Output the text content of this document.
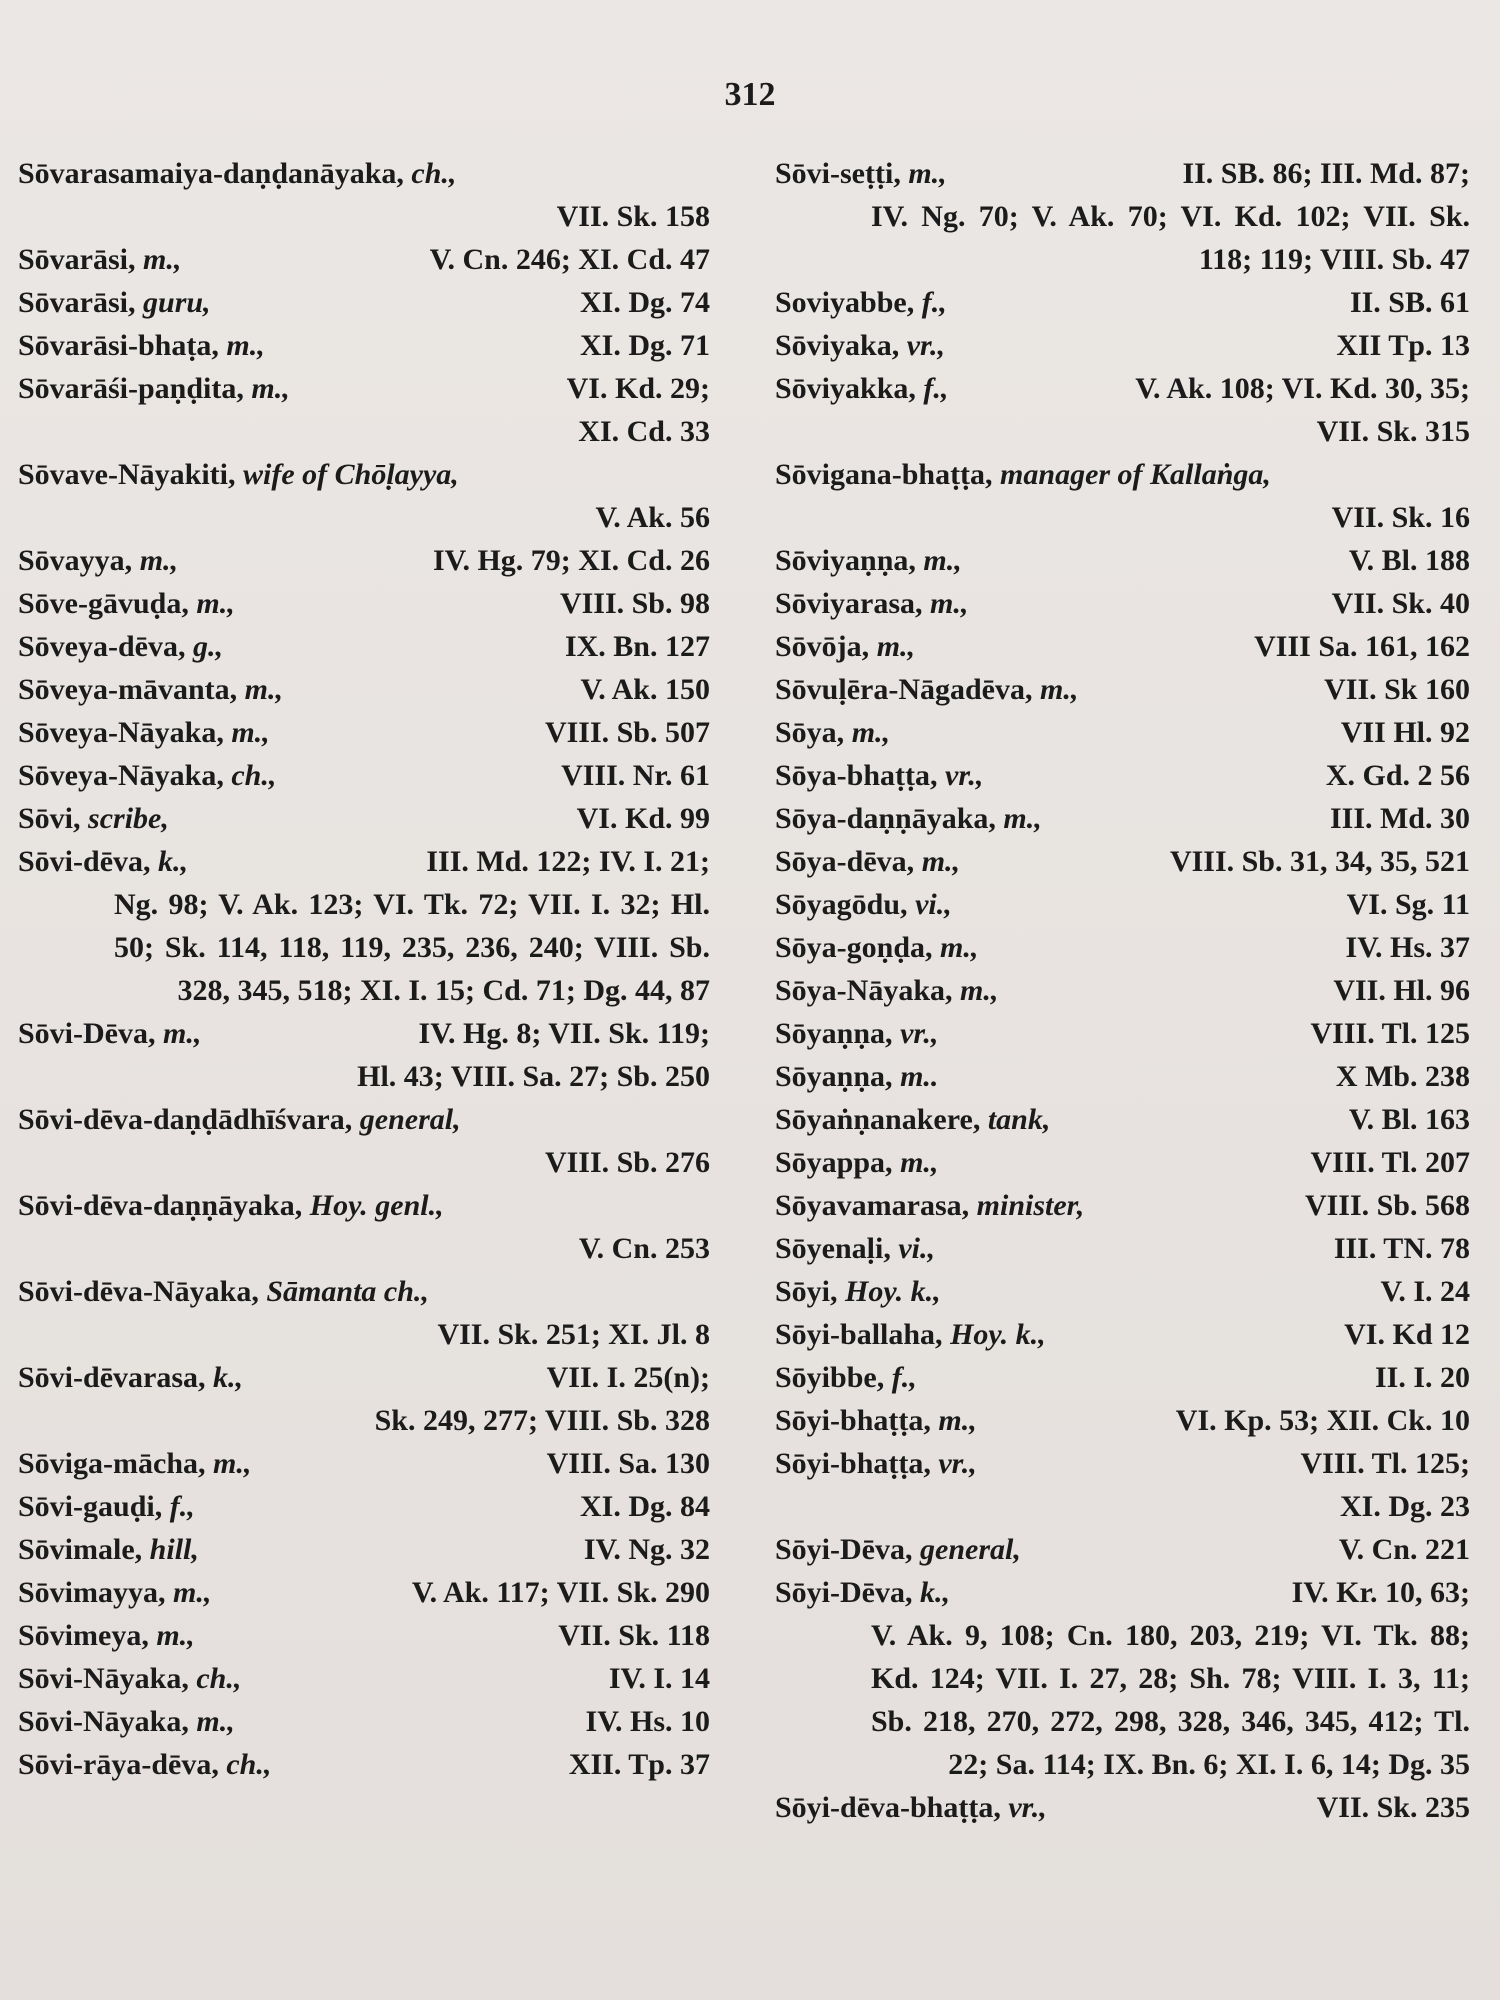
312
Sōvarasamaiya-daṇḍanāyaka, ch.,
VII. Sk. 158
Sōvarāsi, m.,	V. Cn. 246; XI. Cd. 47
Sōvarāsi, guru,	XI. Dg. 74
Sōvarāsi-bhaṭa, m.,	XI. Dg. 71
Sōvarāśi-paṇḍita, m.,	VI. Kd. 29;
XI. Cd. 33
Sōvave-Nāyakiti, wife of Chōḷayya,
V. Ak. 56
Sōvayya, m.,	IV. Hg. 79; XI. Cd. 26
Sōve-gāvuḍa, m.,	VIII. Sb. 98
Sōveya-dēva, g.,	IX. Bn. 127
Sōveya-māvanta, m.,	V. Ak. 150
Sōveya-Nāyaka, m.,	VIII. Sb. 507
Sōveya-Nāyaka, ch.,	VIII. Nr. 61
Sōvi, scribe,	VI. Kd. 99
Sōvi-dēva, k.,	III. Md. 122; IV. I. 21;
Ng. 98; V. Ak. 123; VI. Tk. 72; VII. I. 32; Hl. 50; Sk. 114, 118, 119, 235, 236, 240; VIII. Sb. 328, 345, 518; XI. I. 15; Cd. 71; Dg. 44, 87
Sōvi-Dēva, m.,	IV. Hg. 8; VII. Sk. 119;
Hl. 43; VIII. Sa. 27; Sb. 250
Sōvi-dēva-daṇḍādhīśvara, general,
VIII. Sb. 276
Sōvi-dēva-daṇṇāyaka, Hoy. genl.,
V. Cn. 253
Sōvi-dēva-Nāyaka, Sāmanta ch.,
VII. Sk. 251; XI. Jl. 8
Sōvi-dēvarasa, k.,	VII. I. 25(n);
Sk. 249, 277; VIII. Sb. 328
Sōviga-māchа, m.,	VIII. Sa. 130
Sōvi-gauḍi, f.,	XI. Dg. 84
Sōvimale, hill,	IV. Ng. 32
Sōvimayya, m.,	V. Ak. 117; VII. Sk. 290
Sōvimeya, m.,	VII. Sk. 118
Sōvi-Nāyaka, ch.,	IV. I. 14
Sōvi-Nāyaka, m.,	IV. Hs. 10
Sōvi-rāya-dēva, ch.,	XII. Tp. 37
Sōvi-seṭṭi, m.,	II. SB. 86; III. Md. 87;
IV. Ng. 70; V. Ak. 70; VI. Kd. 102; VII. Sk. 118; 119; VIII. Sb. 47
Soviyabbe, f.,	II. SB. 61
Sōviyaka, vr.,	XII Tp. 13
Sōviyakka, f.,	V. Ak. 108; VI. Kd. 30, 35;
VII. Sk. 315
Sōvigana-bhaṭṭa, manager of Kallaṅga,
VII. Sk. 16
Sōviyaṇṇa, m.,	V. Bl. 188
Sōviyarasa, m.,	VII. Sk. 40
Sōvōja, m.,	VIII Sa. 161, 162
Sōvuḷēra-Nāgadēva, m.,	VII. Sk 160
Sōya, m.,	VII Hl. 92
Sōya-bhaṭṭa, vr.,	X. Gd. 2 56
Sōya-daṇṇāyaka, m.,	III. Md. 30
Sōya-dēva, m.,	VIII. Sb. 31, 34, 35, 521
Sōyagōdu, vi.,	VI. Sg. 11
Sōya-goṇḍa, m.,	IV. Hs. 37
Sōya-Nāyaka, m.,	VII. Hl. 96
Sōyaṇṇa, vr.,	VIII. Tl. 125
Sōyaṇṇa, m..	X Mb. 238
Sōyaṅṇanakere, tank,	V. Bl. 163
Sōyappa, m.,	VIII. Tl. 207
Sōyavamarasa, minister,	VIII. Sb. 568
Sōyenaḷi, vi.,	III. TN. 78
Sōyi, Hoy. k.,	V. I. 24
Sōyi-ballaha, Hoy. k.,	VI. Kd 12
Sōyibbe, f.,	II. I. 20
Sōyi-bhaṭṭa, m.,	VI. Kp. 53; XII. Ck. 10
Sōyi-bhaṭṭa, vr.,	VIII. Tl. 125;
XI. Dg. 23
Sōyi-Dēva, general,	V. Cn. 221
Sōyi-Dēva, k.,	IV. Kr. 10, 63;
V. Ak. 9, 108; Cn. 180, 203, 219; VI. Tk. 88; Kd. 124; VII. I. 27, 28; Sh. 78; VIII. I. 3, 11; Sb. 218, 270, 272, 298, 328, 346, 345, 412; Tl. 22; Sa. 114; IX. Bn. 6; XI. I. 6, 14; Dg. 35
Sōyi-dēva-bhaṭṭa, vr.,	VII. Sk. 235
